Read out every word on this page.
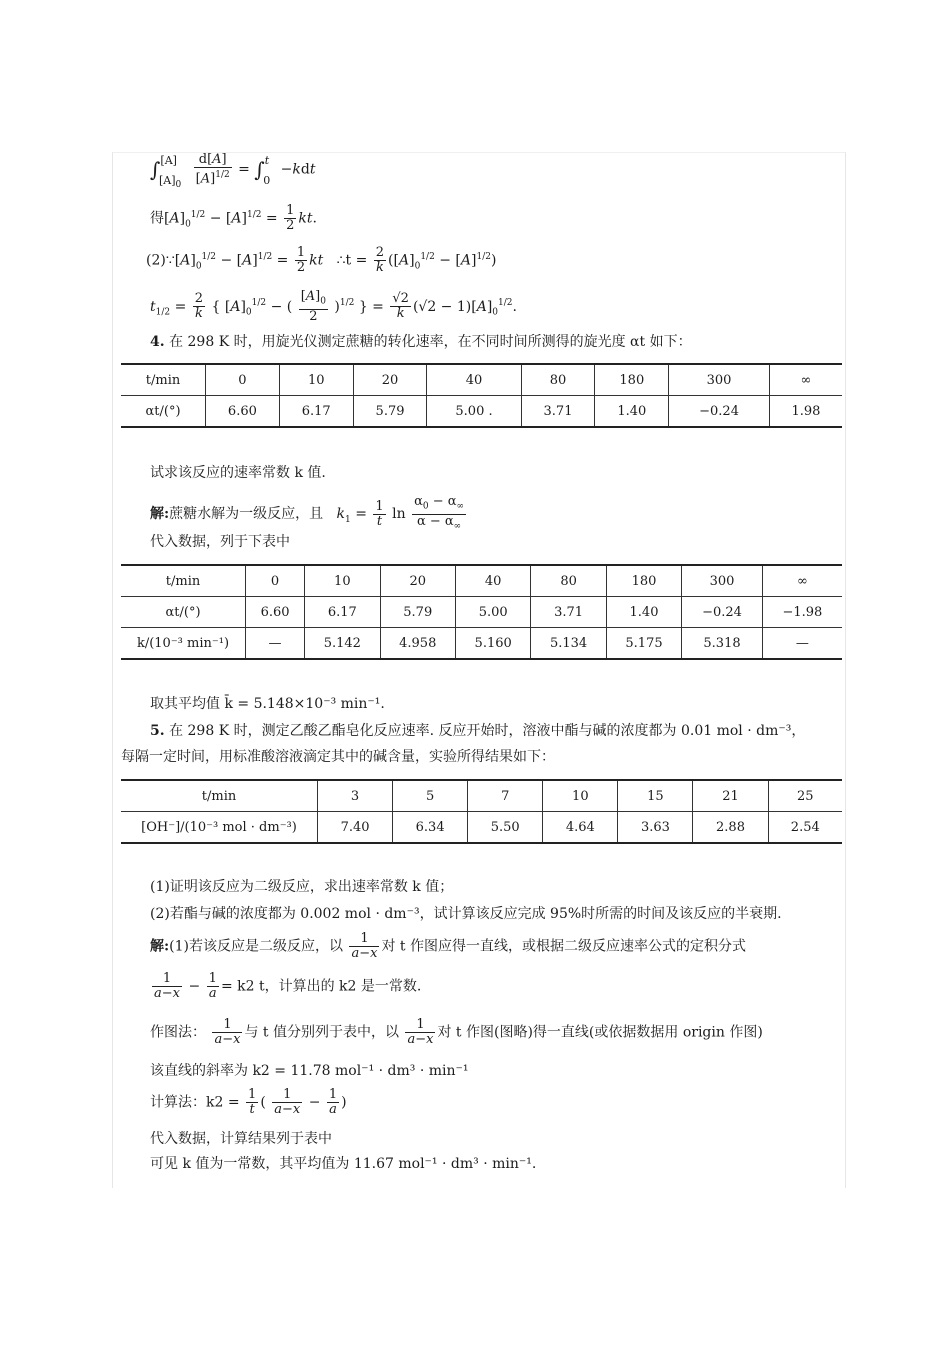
$\int[A]_{[A]_0} \frac{d[A]}{[A]^{1/2}} = \int^t_0 -kdt$
得$[A]_0^{1/2} - [A]^{1/2} = \frac{1}{2}$ kt.
$(2)\because[A]_0^{1/2} - [A]^{1/2} = \frac{1}{2}$ kt ∴t = $\frac{2}{k} ([A]_0^{1/2} - [A]^{1/2})$
$t_{1/2} = \frac{2}{k}$ { $[A]_0^{1/2}$ − ( $\frac{[A]_0}{2} )^{1/2}$ } = $\frac{√2}{k} (√2 - 1)[A]_0^{1/2}$.
4. 在 298 K 时，用旋光仪测定蔗糖的转化速率，在不同时间所测得的旋光度 αt 如下：
t/min	0	10	20	40	80	180	300	∞
αt/(°)	6.60	6.17	5.79	5.00 .	3.71	1.40	−0.24	1.98
试求该反应的速率常数 k 值.
解:蔗糖水解为一级反应，且 $k_1 = \frac{1}{t}$ $\ln \frac{\alpha_0 - \alpha_\infty}{\alpha - \alpha_\infty}$
代入数据，列于下表中
t/min	0	10	20	40	80	180	300	∞
αt/(°)	6.60	6.17	5.79	5.00	3.71	1.40	−0.24	−1.98
k/(10⁻³ min⁻¹)	—	5.142	4.958	5.160	5.134	5.175	5.318	—
取其平均值 k̄ = 5.148×10⁻³ min⁻¹.
5. 在 298 K 时，测定乙酸乙酯皂化反应速率. 反应开始时，溶液中酯与碱的浓度都为 0.01 mol · dm⁻³，
每隔一定时间，用标准酸溶液滴定其中的碱含量，实验所得结果如下：
t/min	3	5	7	10	15	21	25
[OH⁻]/(10⁻³ mol · dm⁻³)	7.40	6.34	5.50	4.64	3.63	2.88	2.54
(1)证明该反应为二级反应，求出速率常数 k 值；
(2)若酯与碱的浓度都为 0.002 mol · dm⁻³，试计算该反应完成 95%时所需的时间及该反应的半衰期.
解:(1)若该反应是二级反应，以 $\frac{1}{a-x}$ 对 t 作图应得一直线，或根据二级反应速率公式的定积分式
$\frac{1}{a-x} - \frac{1}{a} = k2$ t，计算出的 k2 是一常数.
作图法： $\frac{1}{a-x}$ 与 t 值分别列于表中，以 $\frac{1}{a-x}$ 对 t 作图(图略)得一直线(或依据数据用 origin 作图)
该直线的斜率为 k2 = 11.78 mol⁻¹ · dm³ · min⁻¹
计算法：$k2 = \frac{1}{t}$ ( $\frac{1}{a-x} - \frac{1}{a}$ )
代入数据，计算结果列于表中
可见 k 值为一常数，其平均值为 11.67 mol⁻¹ · dm³ · min⁻¹.
